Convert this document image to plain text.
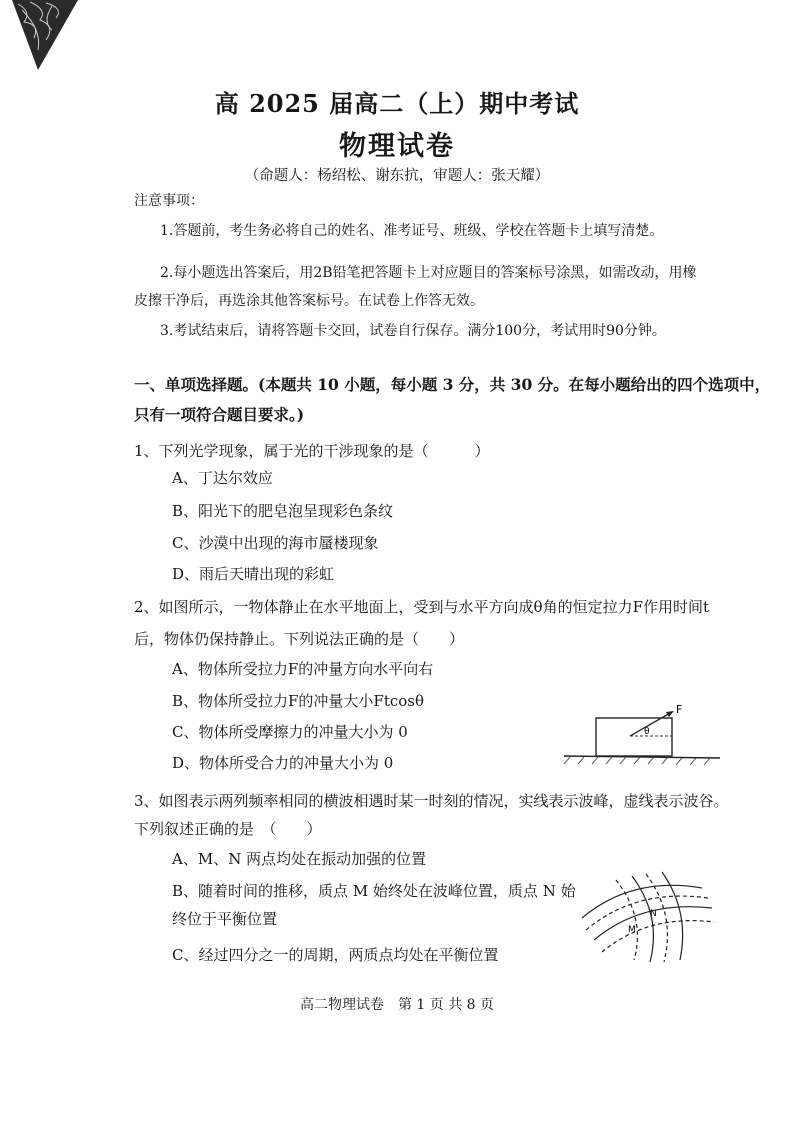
高 2025 届高二（上）期中考试
物理试卷
（命题人：杨绍松、谢东抗，审题人：张天耀）
注意事项：
1.答题前，考生务必将自己的姓名、准考证号、班级、学校在答题卡上填写清楚。
2.每小题选出答案后，用2B铅笔把答题卡上对应题目的答案标号涂黑，如需改动，用橡
皮擦干净后，再选涂其他答案标号。在试卷上作答无效。
3.考试结束后，请将答题卡交回，试卷自行保存。满分100分，考试用时90分钟。
一、单项选择题。(本题共 10 小题，每小题 3 分，共 30 分。在每小题给出的四个选项中，
只有一项符合题目要求。)
1、下列光学现象，属于光的干涉现象的是（	）
A、丁达尔效应
B、阳光下的肥皂泡呈现彩色条纹
C、沙漠中出现的海市蜃楼现象
D、雨后天晴出现的彩虹
2、如图所示，一物体静止在水平地面上，受到与水平方向成θ角的恒定拉力F作用时间t
后，物体仍保持静止。下列说法正确的是（　　）
A、物体所受拉力F的冲量方向水平向右
B、物体所受拉力F的冲量大小Ftcosθ
C、物体所受摩擦力的冲量大小为 0
D、物体所受合力的冲量大小为 0
F
θ
3、如图表示两列频率相同的横波相遇时某一时刻的情况，实线表示波峰，虚线表示波谷。
下列叙述正确的是　（　　）
A、M、N 两点均处在振动加强的位置
B、随着时间的推移，质点 M 始终处在波峰位置，质点 N 始
终位于平衡位置
C、经过四分之一的周期，两质点均处在平衡位置
M
N
高二物理试卷　第 1 页 共 8 页
